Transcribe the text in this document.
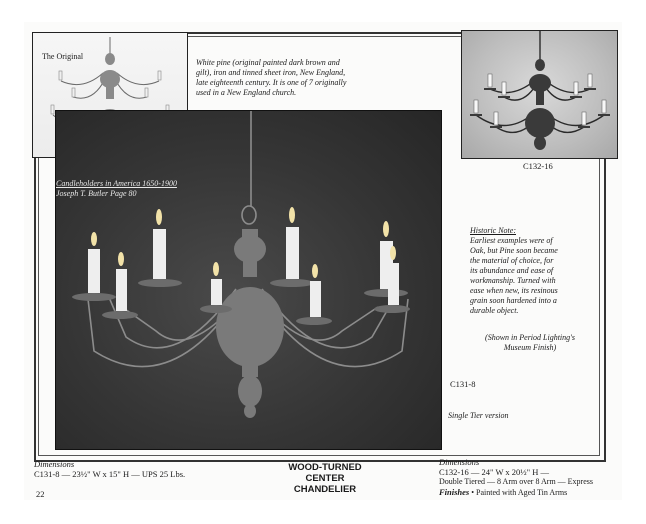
The Original
White pine (original painted dark brown and
gilt), iron and tinned sheet iron, New England,
late eighteenth century. It is one of 7 originally
used in a New England church.
C132-16
Candleholders in America 1650-1900
Joseph T. Butler Page 80
Historic Note:
Earliest examples were of
Oak, but Pine soon became
the material of choice, for
its abundance and ease of
workmanship. Turned with
ease when new, its resinous
grain soon hardened into a
durable object.
(Shown in Period Lighting's
Museum Finish)
C131-8
Single Tier version
Dimensions
C131-8 — 23½" W x 15" H — UPS 25 Lbs.
WOOD-TURNED
CENTER
CHANDELIER
Dimensions
C132-16 — 24" W x 20½" H —
Double Tiered — 8 Arm over 8 Arm — Express
Finishes • Painted with Aged Tin Arms
22
